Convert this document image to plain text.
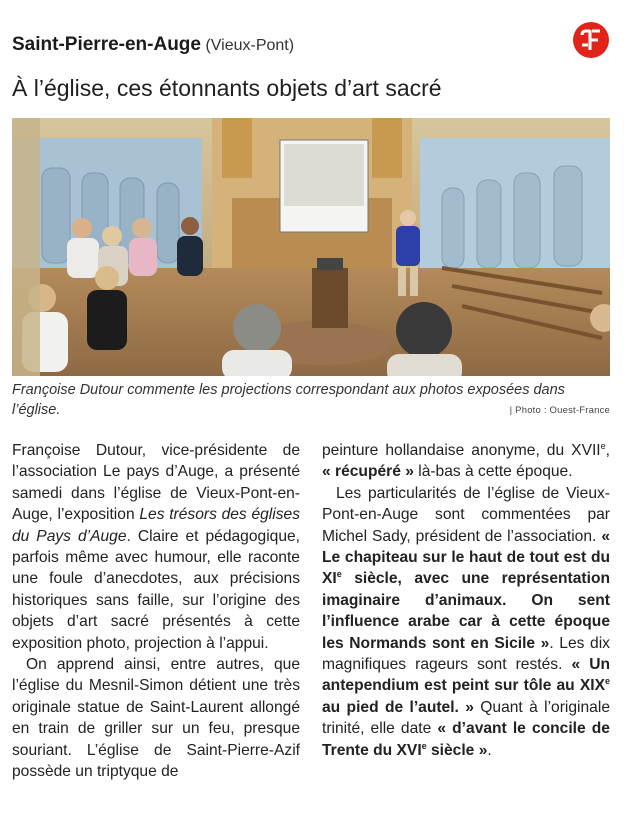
Saint-Pierre-en-Auge (Vieux-Pont)
À l’église, ces étonnants objets d’art sacré
Françoise Dutour commente les projections correspondant aux photos exposées dans l’église.	| Photo : Ouest-France

Françoise Dutour, vice-présidente de l’association Le pays d’Auge, a présenté samedi dans l’église de Vieux-Pont-en-Auge, l’exposition Les trésors des églises du Pays d’Auge. Claire et pédagogique, parfois même avec humour, elle raconte une foule d’anecdotes, aux précisions historiques sans faille, sur l’origine des objets d’art sacré présentés à cette exposition photo, projection à l’appui.

On apprend ainsi, entre autres, que l’église du Mesnil-Simon détient une très originale statue de Saint-Laurent allongé en train de griller sur un feu, presque souriant. L’église de Saint-Pierre-Azif possède un triptyque de

peinture hollandaise anonyme, du XVIIe, « récupéré » là-bas à cette époque.

Les particularités de l’église de Vieux-Pont-en-Auge sont commentées par Michel Sady, président de l’association. « Le chapiteau sur le haut de tout est du XIe siècle, avec une représentation imaginaire d’animaux. On sent l’influence arabe car à cette époque les Normands sont en Sicile ». Les dix magnifiques rageurs sont restés. « Un antependium est peint sur tôle au XIXe au pied de l’autel. » Quant à l’originale trinité, elle date « d’avant le concile de Trente du XVIe siècle ».
